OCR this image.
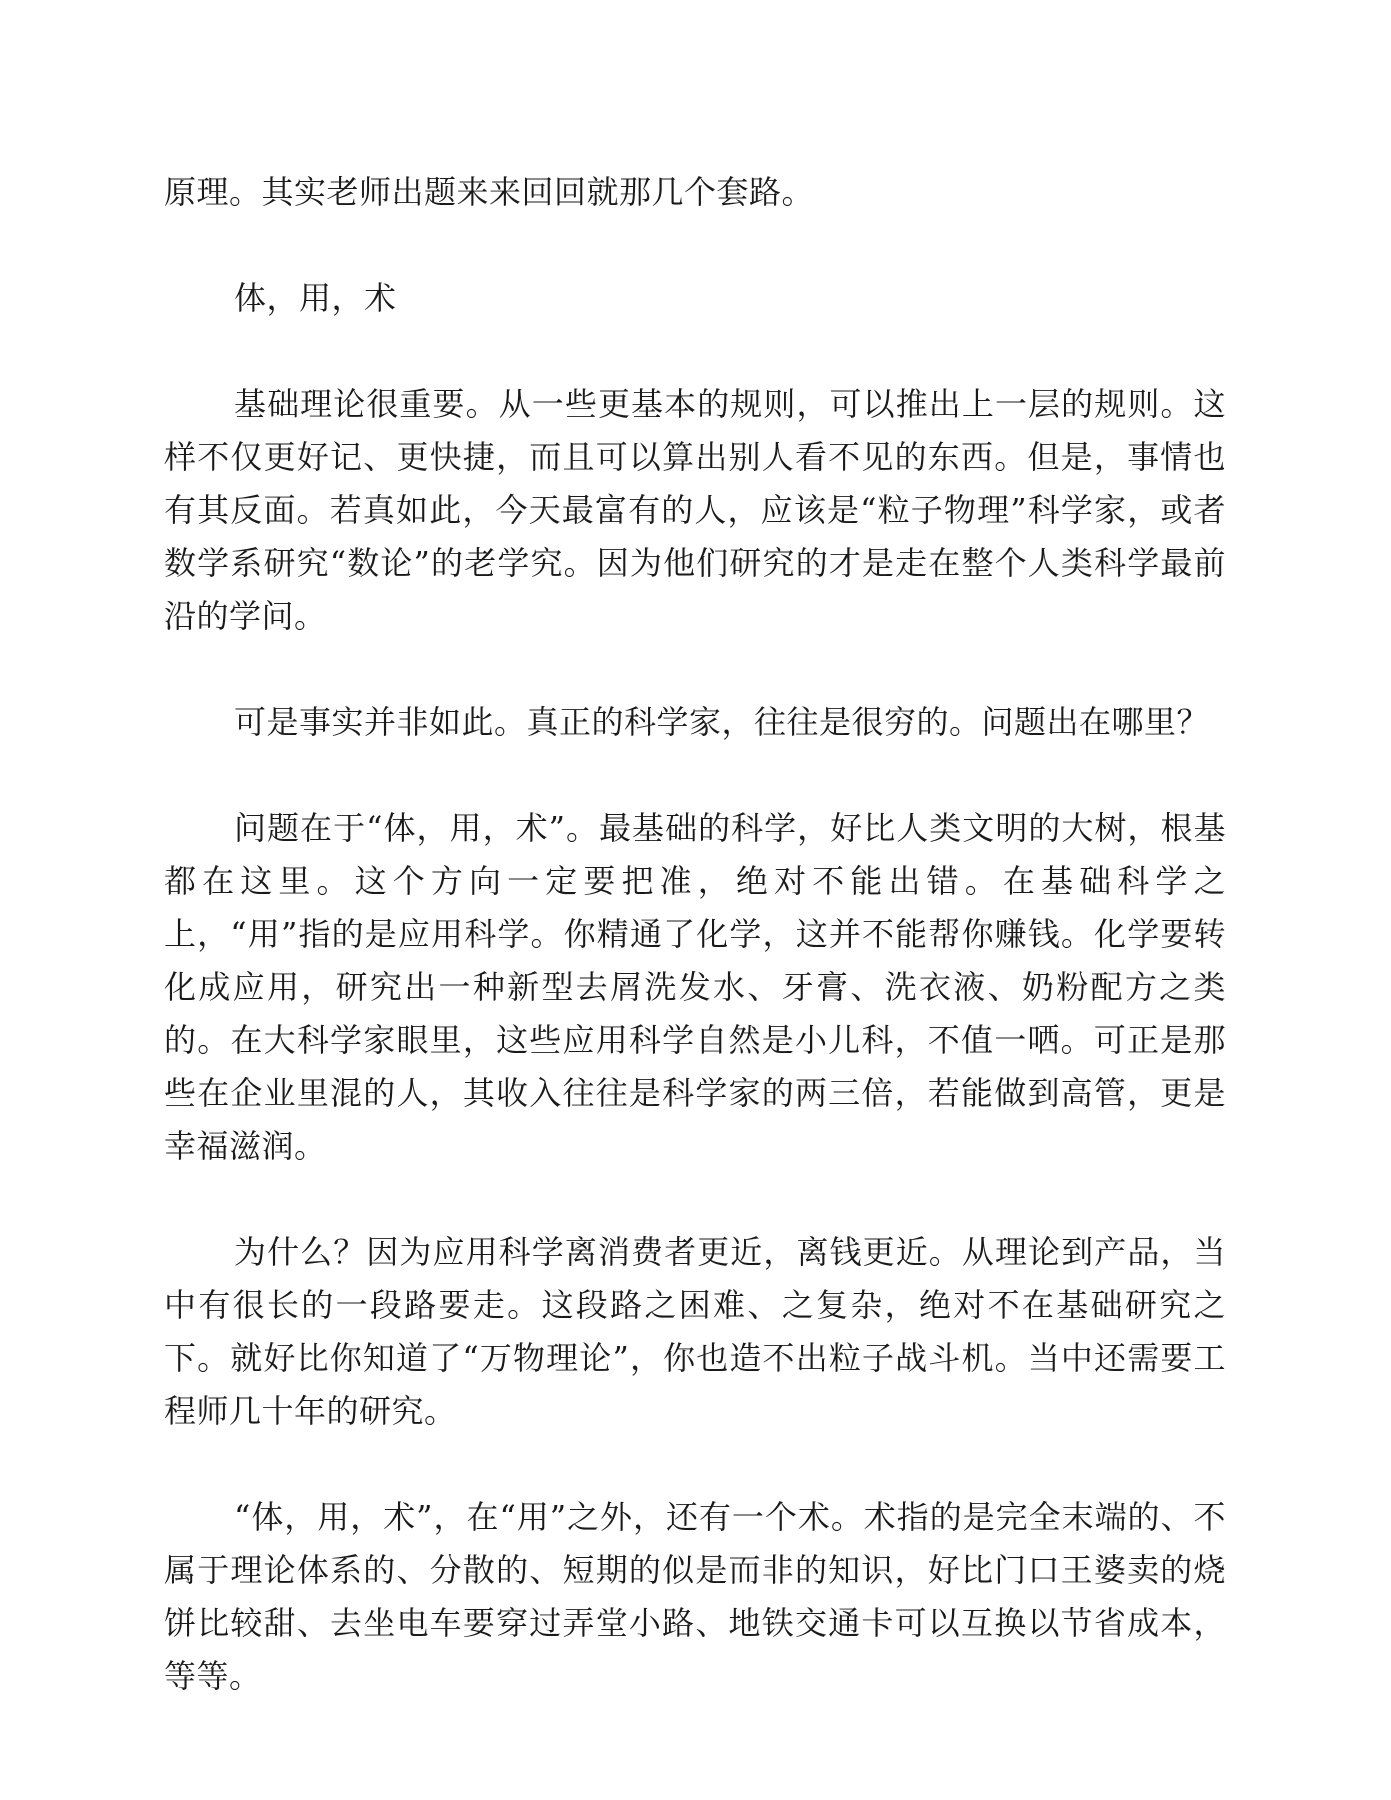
原理。其实老师出题来来回回就那几个套路。

体，用，术

基础理论很重要。从一些更基本的规则，可以推出上一层的规则。这样不仅更好记、更快捷，而且可以算出别人看不见的东西。但是，事情也有其反面。若真如此，今天最富有的人，应该是“粒子物理”科学家，或者数学系研究“数论”的老学究。因为他们研究的才是走在整个人类科学最前沿的学问。

可是事实并非如此。真正的科学家，往往是很穷的。问题出在哪里？

问题在于“体，用，术”。最基础的科学，好比人类文明的大树，根基都在这里。这个方向一定要把准，绝对不能出错。在基础科学之上，“用”指的是应用科学。你精通了化学，这并不能帮你赚钱。化学要转化成应用，研究出一种新型去屑洗发水、牙膏、洗衣液、奶粉配方之类的。在大科学家眼里，这些应用科学自然是小儿科，不值一哂。可正是那些在企业里混的人，其收入往往是科学家的两三倍，若能做到高管，更是幸福滋润。

为什么？因为应用科学离消费者更近，离钱更近。从理论到产品，当中有很长的一段路要走。这段路之困难、之复杂，绝对不在基础研究之下。就好比你知道了“万物理论”，你也造不出粒子战斗机。当中还需要工程师几十年的研究。

“体，用，术”，在“用”之外，还有一个术。术指的是完全末端的、不属于理论体系的、分散的、短期的似是而非的知识，好比门口王婆卖的烧饼比较甜、去坐电车要穿过弄堂小路、地铁交通卡可以互换以节省成本，等等。
